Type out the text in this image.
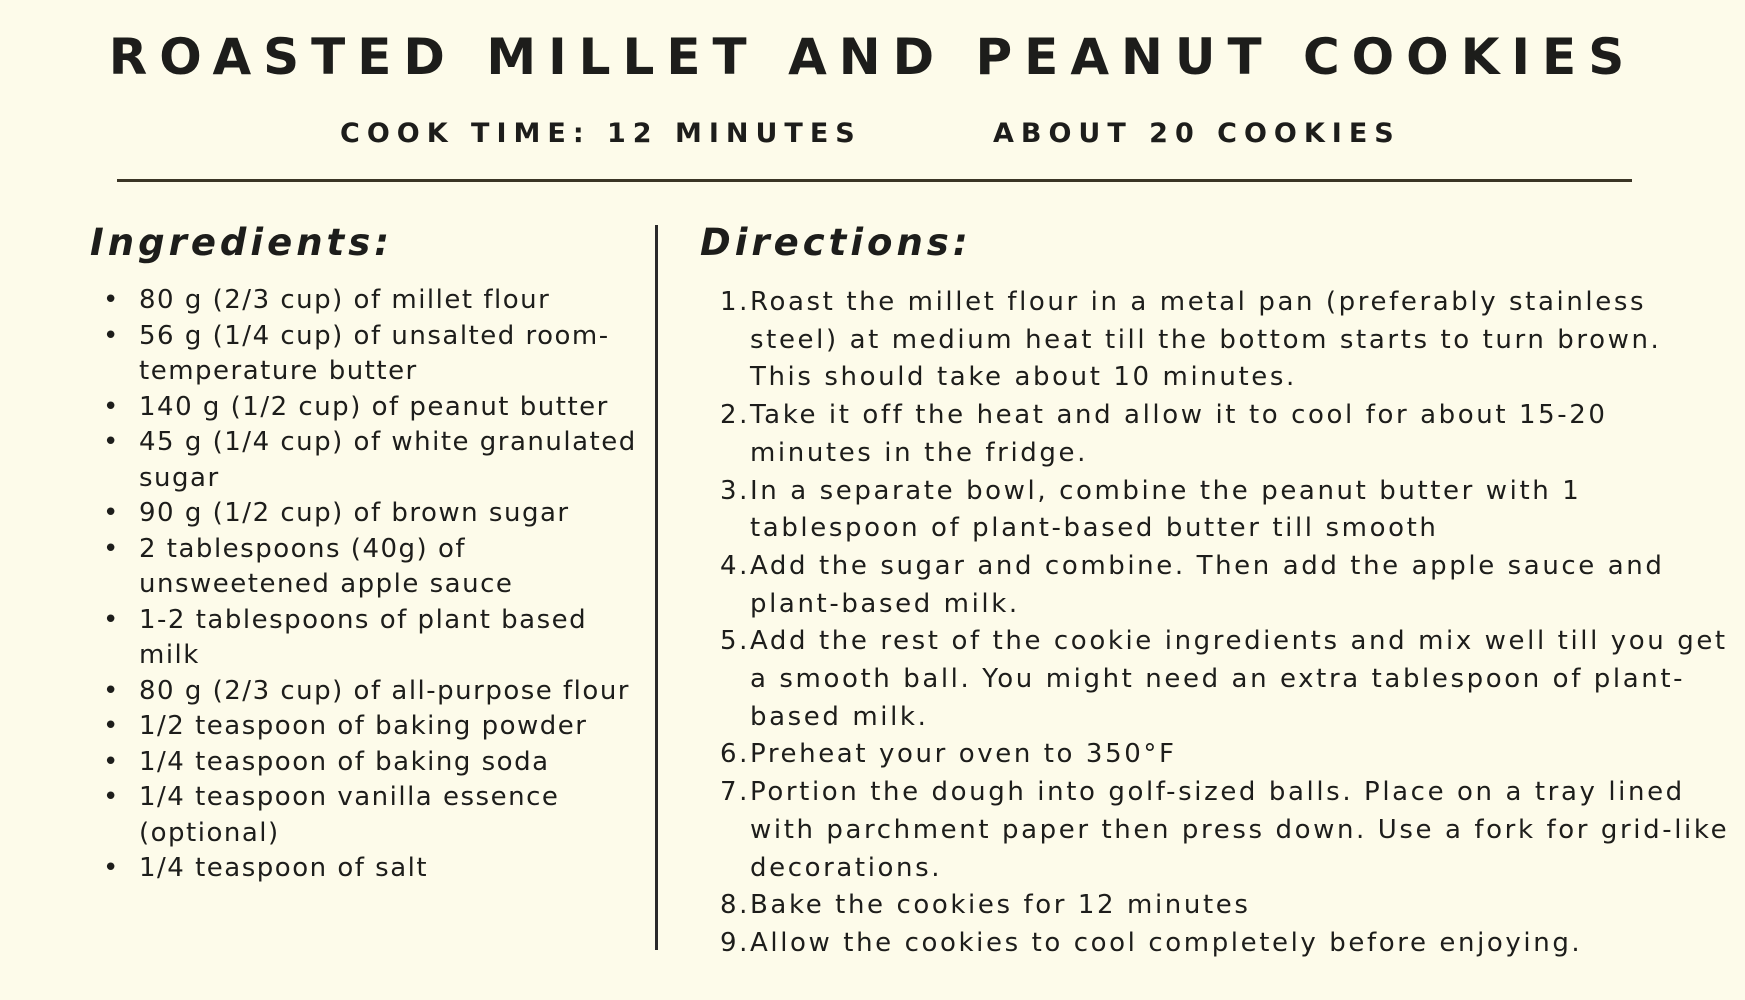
ROASTED MILLET AND PEANUT COOKIES
COOK TIME: 12 MINUTES	ABOUT 20 COOKIES
Ingredients:
• 80 g (2/3 cup) of millet flour
• 56 g (1/4 cup) of unsalted room-temperature butter
• 140 g (1/2 cup) of peanut butter
• 45 g (1/4 cup) of white granulated sugar
• 90 g (1/2 cup) of brown sugar
• 2 tablespoons (40g) of unsweetened apple sauce
• 1-2 tablespoons of plant based milk
• 80 g (2/3 cup) of all-purpose flour
• 1/2 teaspoon of baking powder
• 1/4 teaspoon of baking soda
• 1/4 teaspoon vanilla essence (optional)
• 1/4 teaspoon of salt
Directions:
1. Roast the millet flour in a metal pan (preferably stainless steel) at medium heat till the bottom starts to turn brown. This should take about 10 minutes.
2. Take it off the heat and allow it to cool for about 15-20 minutes in the fridge.
3. In a separate bowl, combine the peanut butter with 1 tablespoon of plant-based butter till smooth
4. Add the sugar and combine. Then add the apple sauce and plant-based milk.
5. Add the rest of the cookie ingredients and mix well till you get a smooth ball. You might need an extra tablespoon of plant-based milk.
6. Preheat your oven to 350°F
7. Portion the dough into golf-sized balls. Place on a tray lined with parchment paper then press down. Use a fork for grid-like decorations.
8. Bake the cookies for 12 minutes
9. Allow the cookies to cool completely before enjoying.
